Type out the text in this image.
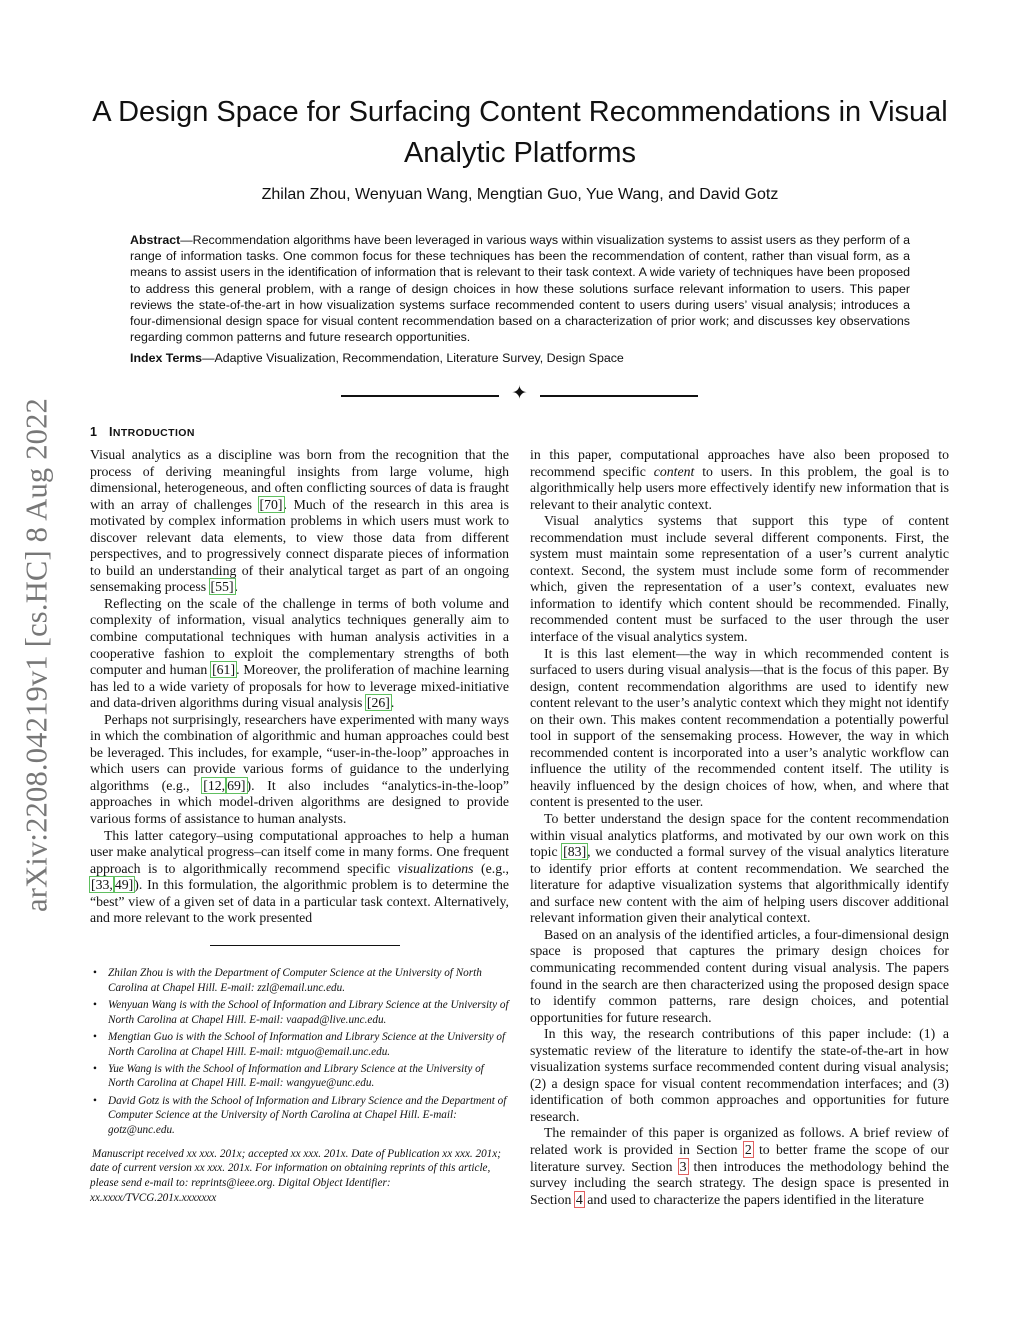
arXiv:2208.04219v1 [cs.HC] 8 Aug 2022
A Design Space for Surfacing Content Recommendations in Visual Analytic Platforms
Zhilan Zhou, Wenyuan Wang, Mengtian Guo, Yue Wang, and David Gotz
Abstract—Recommendation algorithms have been leveraged in various ways within visualization systems to assist users as they perform of a range of information tasks. One common focus for these techniques has been the recommendation of content, rather than visual form, as a means to assist users in the identification of information that is relevant to their task context. A wide variety of techniques have been proposed to address this general problem, with a range of design choices in how these solutions surface relevant information to users. This paper reviews the state-of-the-art in how visualization systems surface recommended content to users during users’ visual analysis; introduces a four-dimensional design space for visual content recommendation based on a characterization of prior work; and discusses key observations regarding common patterns and future research opportunities.
Index Terms—Adaptive Visualization, Recommendation, Literature Survey, Design Space
✦
1 INTRODUCTION

Visual analytics as a discipline was born from the recognition that the process of deriving meaningful insights from large volume, high dimensional, heterogeneous, and often conflicting sources of data is fraught with an array of challenges [70]. Much of the research in this area is motivated by complex information problems in which users must work to discover relevant data elements, to view those data from different perspectives, and to progressively connect disparate pieces of information to build an understanding of their analytical target as part of an ongoing sensemaking process [55].

Reflecting on the scale of the challenge in terms of both volume and complexity of information, visual analytics techniques generally aim to combine computational techniques with human analysis activities in a cooperative fashion to exploit the complementary strengths of both computer and human [61]. Moreover, the proliferation of machine learning has led to a wide variety of proposals for how to leverage mixed-initiative and data-driven algorithms during visual analysis [26].

Perhaps not surprisingly, researchers have experimented with many ways in which the combination of algorithmic and human approaches could best be leveraged. This includes, for example, “user-in-the-loop” approaches in which users can provide various forms of guidance to the underlying algorithms (e.g., [12, 69]). It also includes “analytics-in-the-loop” approaches in which model-driven algorithms are designed to provide various forms of assistance to human analysts.

This latter category–using computational approaches to help a human user make analytical progress–can itself come in many forms. One frequent approach is to algorithmically recommend specific visualizations (e.g., [33, 49]). In this formulation, the algorithmic problem is to determine the “best” view of a given set of data in a particular task context. Alternatively, and more relevant to the work presented

• Zhilan Zhou is with the Department of Computer Science at the University of North Carolina at Chapel Hill. E-mail: zzl@email.unc.edu.
• Wenyuan Wang is with the School of Information and Library Science at the University of North Carolina at Chapel Hill. E-mail: vaapad@live.unc.edu.
• Mengtian Guo is with the School of Information and Library Science at the University of North Carolina at Chapel Hill. E-mail: mtguo@email.unc.edu.
• Yue Wang is with the School of Information and Library Science at the University of North Carolina at Chapel Hill. E-mail: wangyue@unc.edu.
• David Gotz is with the School of Information and Library Science and the Department of Computer Science at the University of North Carolina at Chapel Hill. E-mail: gotz@unc.edu.
Manuscript received xx xxx. 201x; accepted xx xxx. 201x. Date of Publication xx xxx. 201x; date of current version xx xxx. 201x. For information on obtaining reprints of this article, please send e-mail to: reprints@ieee.org. Digital Object Identifier: xx.xxxx/TVCG.201x.xxxxxxx

in this paper, computational approaches have also been proposed to recommend specific content to users. In this problem, the goal is to algorithmically help users more effectively identify new information that is relevant to their analytic context.

Visual analytics systems that support this type of content recommendation must include several different components. First, the system must maintain some representation of a user’s current analytic context. Second, the system must include some form of recommender which, given the representation of a user’s context, evaluates new information to identify which content should be recommended. Finally, recommended content must be surfaced to the user through the user interface of the visual analytics system.

It is this last element—the way in which recommended content is surfaced to users during visual analysis—that is the focus of this paper. By design, content recommendation algorithms are used to identify new content relevant to the user’s analytic context which they might not identify on their own. This makes content recommendation a potentially powerful tool in support of the sensemaking process. However, the way in which recommended content is incorporated into a user’s analytic workflow can influence the utility of the recommended content itself. The utility is heavily influenced by the design choices of how, when, and where that content is presented to the user.

To better understand the design space for the content recommendation within visual analytics platforms, and motivated by our own work on this topic [83], we conducted a formal survey of the visual analytics literature to identify prior efforts at content recommendation. We searched the literature for adaptive visualization systems that algorithmically identify and surface new content with the aim of helping users discover additional relevant information given their analytical context.

Based on an analysis of the identified articles, a four-dimensional design space is proposed that captures the primary design choices for communicating recommended content during visual analysis. The papers found in the search are then characterized using the proposed design space to identify common patterns, rare design choices, and potential opportunities for future research.

In this way, the research contributions of this paper include: (1) a systematic review of the literature to identify the state-of-the-art in how visualization systems surface recommended content during visual analysis; (2) a design space for visual content recommendation interfaces; and (3) identification of both common approaches and opportunities for future research.

The remainder of this paper is organized as follows. A brief review of related work is provided in Section 2 to better frame the scope of our literature survey. Section 3 then introduces the methodology behind the survey including the search strategy. The design space is presented in Section 4 and used to characterize the papers identified in the literature
